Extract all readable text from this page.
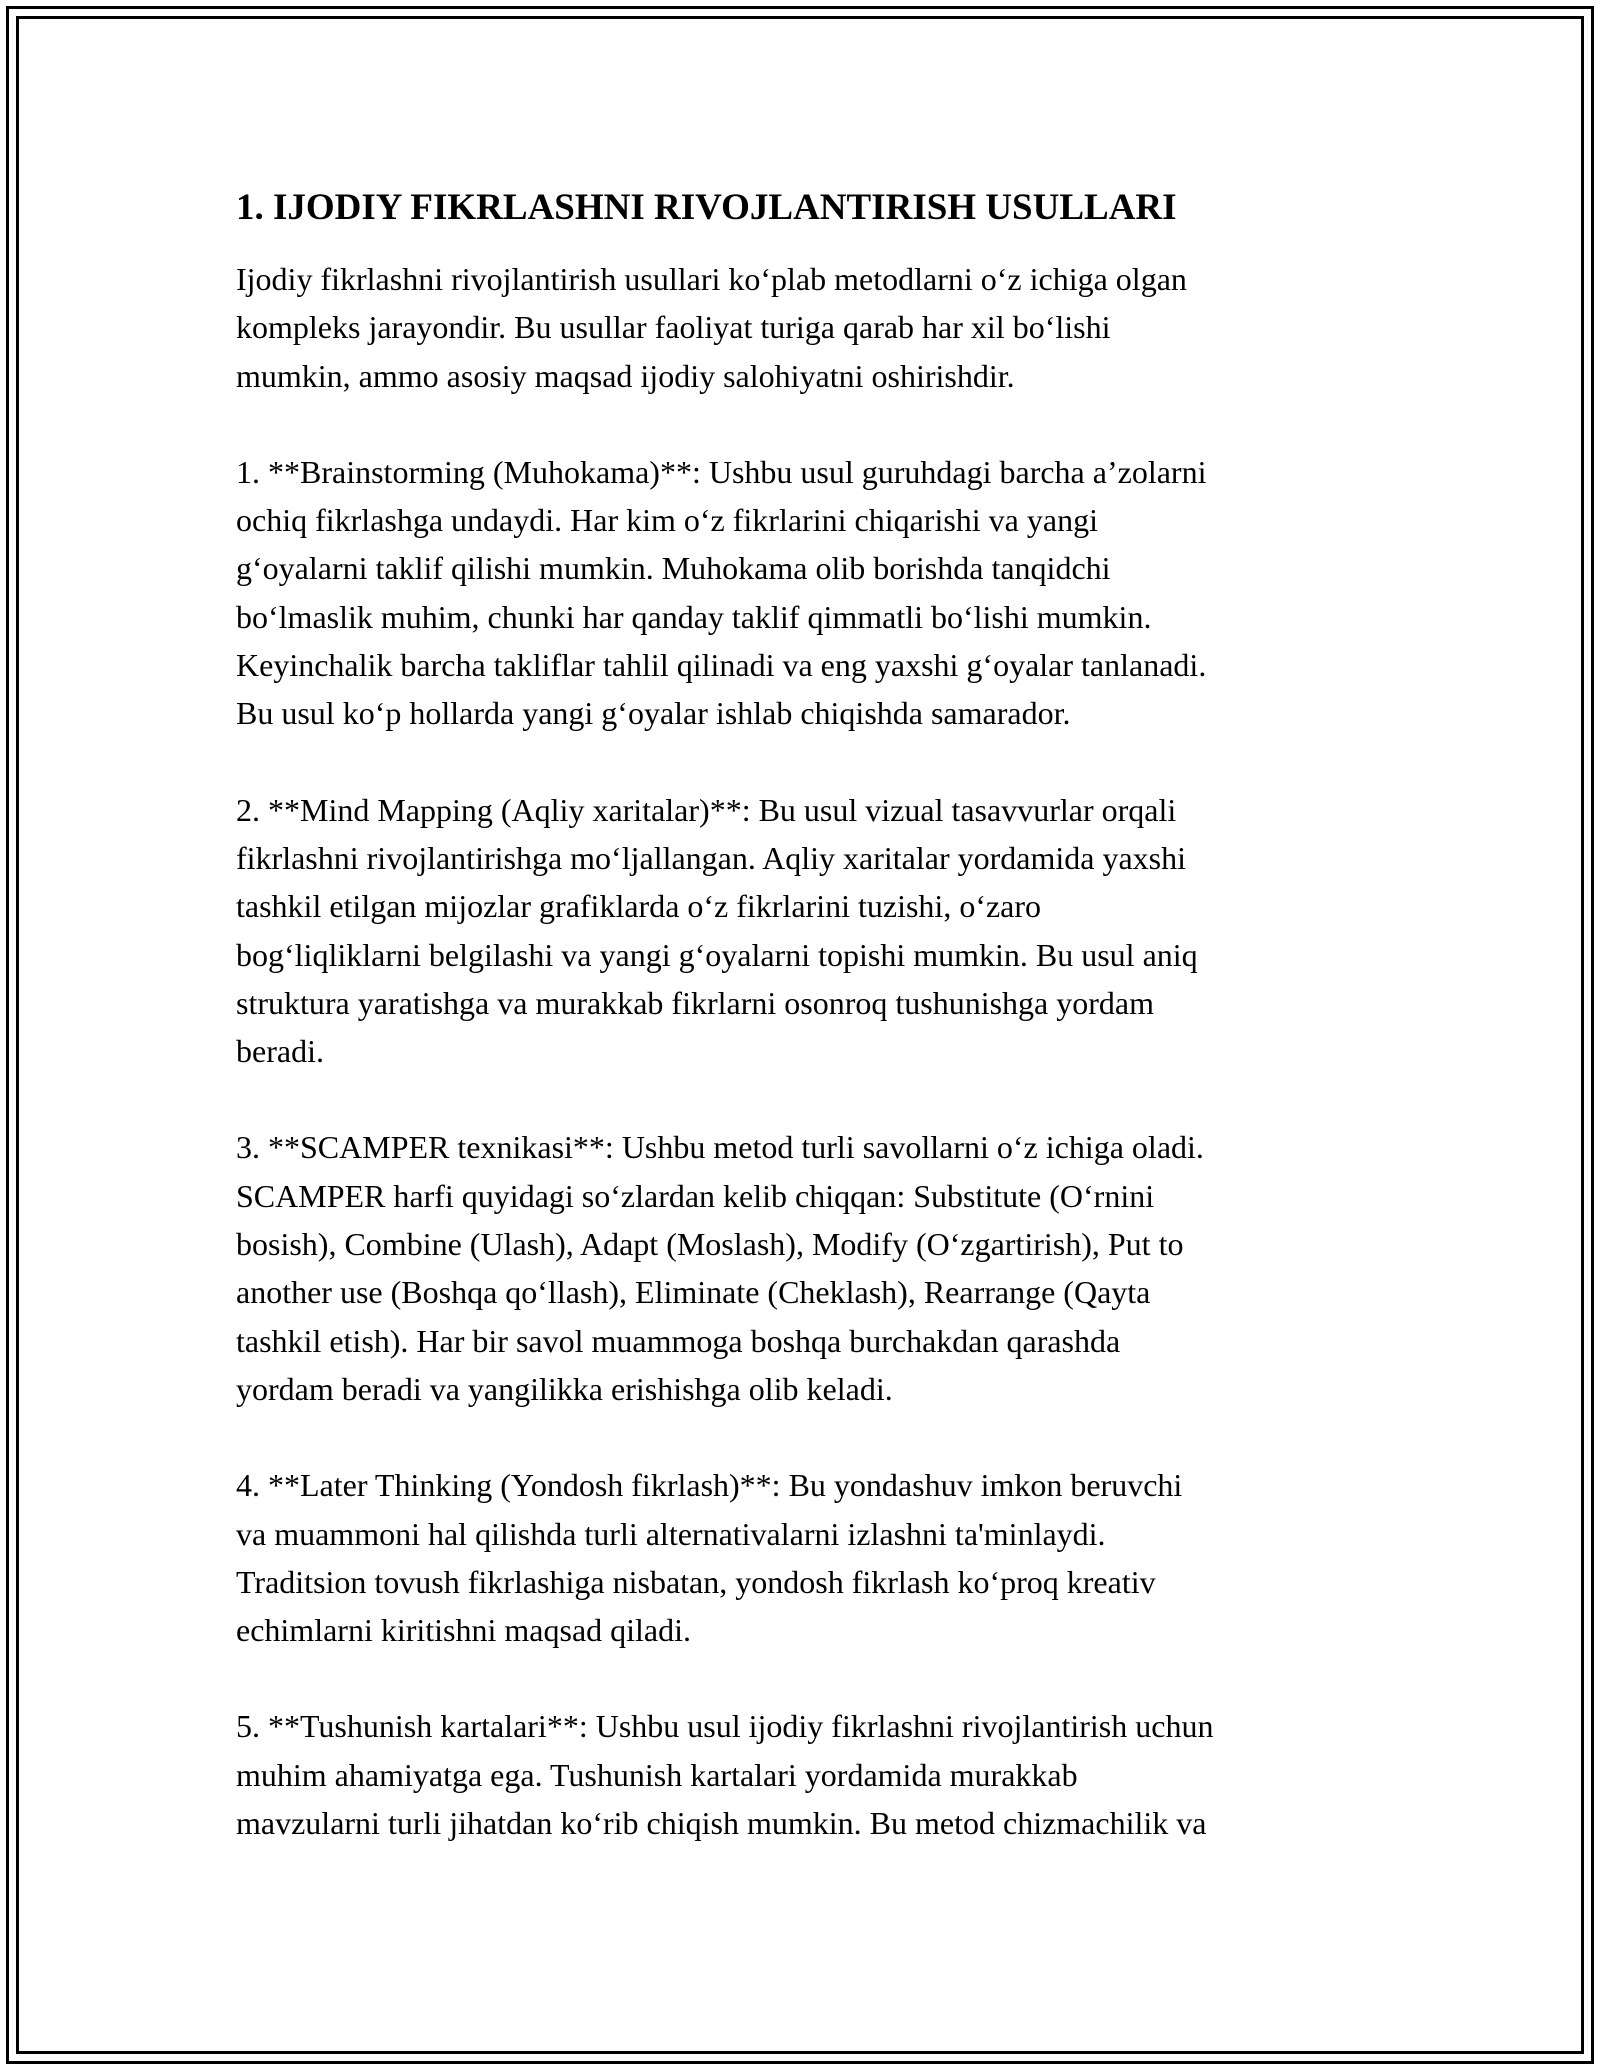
1. IJODIY FIKRLASHNI RIVOJLANTIRISH USULLARI
Ijodiy fikrlashni rivojlantirish usullari ko‘plab metodlarni o‘z ichiga olgan
kompleks jarayondir. Bu usullar faoliyat turiga qarab har xil bo‘lishi
mumkin, ammo asosiy maqsad ijodiy salohiyatni oshirishdir.
1. **Brainstorming (Muhokama)**: Ushbu usul guruhdagi barcha a’zolarni
ochiq fikrlashga undaydi. Har kim o‘z fikrlarini chiqarishi va yangi
g‘oyalarni taklif qilishi mumkin. Muhokama olib borishda tanqidchi
bo‘lmaslik muhim, chunki har qanday taklif qimmatli bo‘lishi mumkin.
Keyinchalik barcha takliflar tahlil qilinadi va eng yaxshi g‘oyalar tanlanadi.
Bu usul ko‘p hollarda yangi g‘oyalar ishlab chiqishda samarador.
2. **Mind Mapping (Aqliy xaritalar)**: Bu usul vizual tasavvurlar orqali
fikrlashni rivojlantirishga mo‘ljallangan. Aqliy xaritalar yordamida yaxshi
tashkil etilgan mijozlar grafiklarda o‘z fikrlarini tuzishi, o‘zaro
bog‘liqliklarni belgilashi va yangi g‘oyalarni topishi mumkin. Bu usul aniq
struktura yaratishga va murakkab fikrlarni osonroq tushunishga yordam
beradi.
3. **SCAMPER texnikasi**: Ushbu metod turli savollarni o‘z ichiga oladi.
SCAMPER harfi quyidagi so‘zlardan kelib chiqqan: Substitute (O‘rnini
bosish), Combine (Ulash), Adapt (Moslash), Modify (O‘zgartirish), Put to
another use (Boshqa qo‘llash), Eliminate (Cheklash), Rearrange (Qayta
tashkil etish). Har bir savol muammoga boshqa burchakdan qarashda
yordam beradi va yangilikka erishishga olib keladi.
4. **Later Thinking (Yondosh fikrlash)**: Bu yondashuv imkon beruvchi
va muammoni hal qilishda turli alternativalarni izlashni ta'minlaydi.
Traditsion tovush fikrlashiga nisbatan, yondosh fikrlash ko‘proq kreativ
echimlarni kiritishni maqsad qiladi.
5. **Tushunish kartalari**: Ushbu usul ijodiy fikrlashni rivojlantirish uchun
muhim ahamiyatga ega. Tushunish kartalari yordamida murakkab
mavzularni turli jihatdan ko‘rib chiqish mumkin. Bu metod chizmachilik va
